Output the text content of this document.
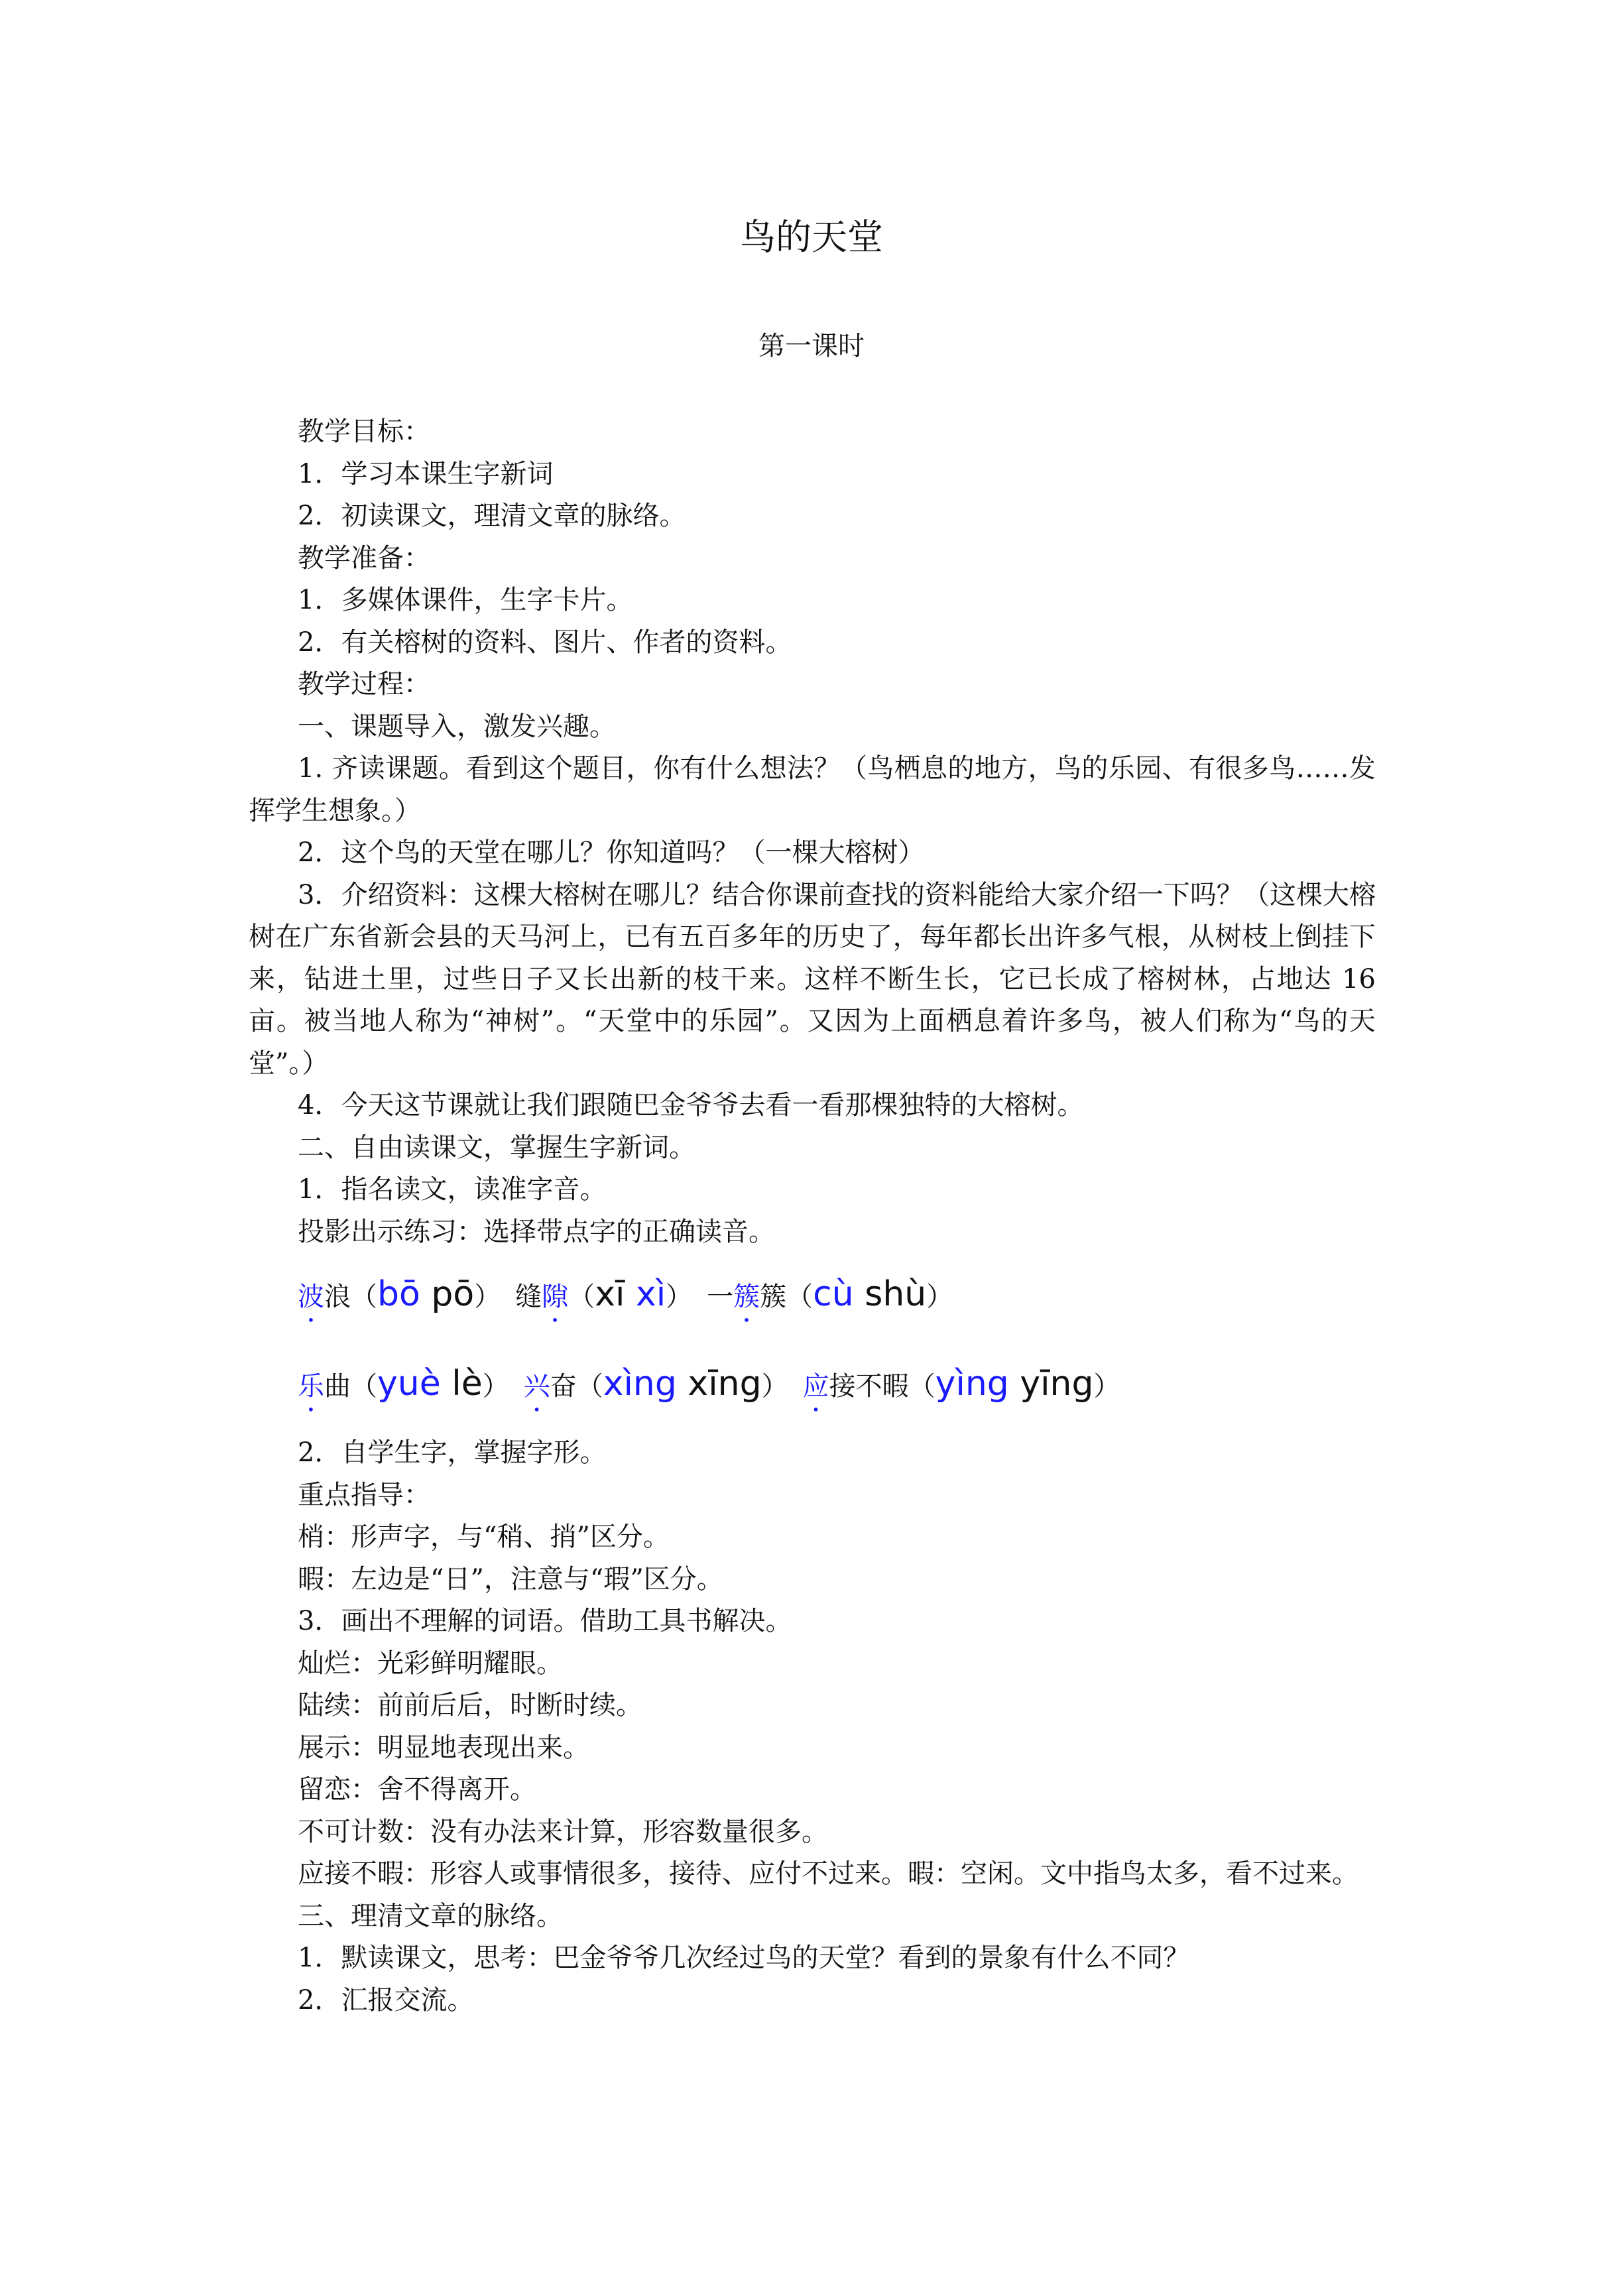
鸟的天堂
第一课时

教学目标：

1．学习本课生字新词

2．初读课文，理清文章的脉络。

教学准备：

1．多媒体课件，生字卡片。

2．有关榕树的资料、图片、作者的资料。

教学过程：

一、课题导入，激发兴趣。

1. 齐读课题。看到这个题目，你有什么想法？（鸟栖息的地方，鸟的乐园、有很多鸟……发挥学生想象。）

2．这个鸟的天堂在哪儿？你知道吗？（一棵大榕树）

3．介绍资料：这棵大榕树在哪儿？结合你课前查找的资料能给大家介绍一下吗？（这棵大榕树在广东省新会县的天马河上，已有五百多年的历史了，每年都长出许多气根，从树枝上倒挂下来，钻进土里，过些日子又长出新的枝干来。这样不断生长，它已长成了榕树林，占地达 16 亩。被当地人称为“神树”。“天堂中的乐园”。又因为上面栖息着许多鸟，被人们称为“鸟的天堂”。）

4．今天这节课就让我们跟随巴金爷爷去看一看那棵独特的大榕树。

二、自由读课文，掌握生字新词。

1．指名读文，读准字音。

投影出示练习：选择带点字的正确读音。

波浪（bō pō） 缝隙（xī xì） 一簇簇（cù shù）
乐曲（yuè lè） 兴奋（xìng xīng） 应接不暇（yìng yīng）

2．自学生字，掌握字形。

重点指导：

梢：形声字，与“稍、捎”区分。

暇：左边是“日”，注意与“瑕”区分。

3．画出不理解的词语。借助工具书解决。

灿烂：光彩鲜明耀眼。

陆续：前前后后，时断时续。

展示：明显地表现出来。

留恋：舍不得离开。

不可计数：没有办法来计算，形容数量很多。

应接不暇：形容人或事情很多，接待、应付不过来。暇：空闲。文中指鸟太多，看不过来。

三、理清文章的脉络。

1．默读课文，思考：巴金爷爷几次经过鸟的天堂？看到的景象有什么不同？

2．汇报交流。
